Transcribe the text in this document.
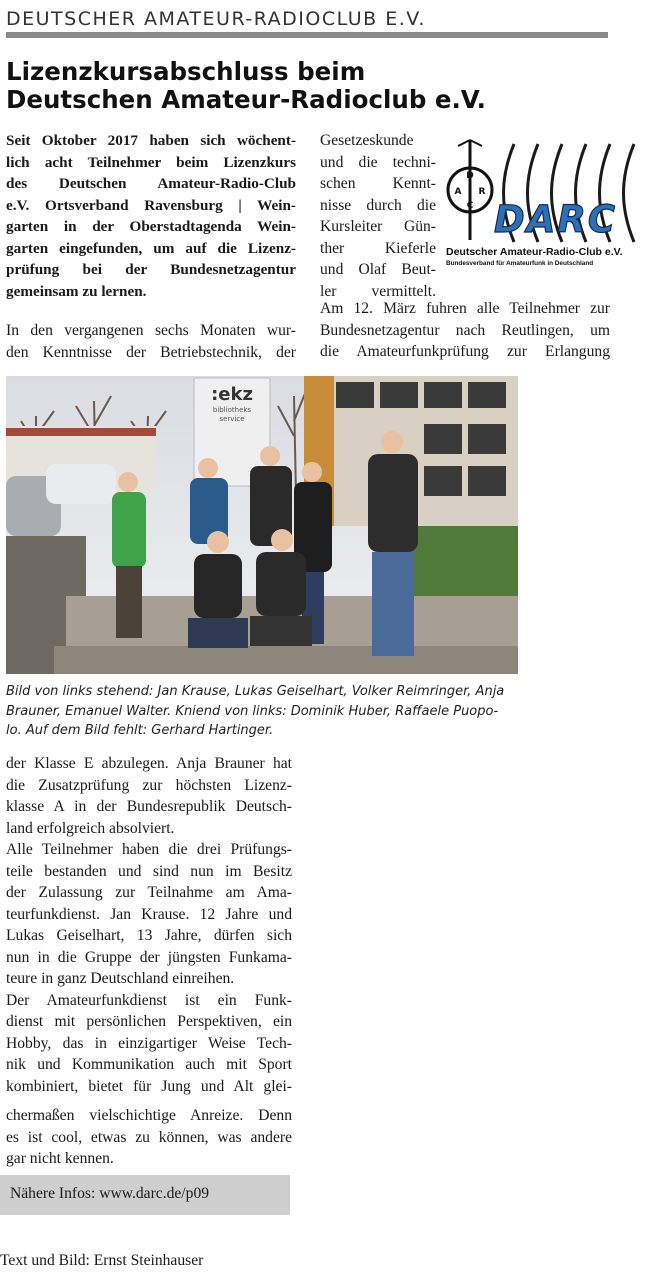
DEUTSCHER AMATEUR-RADIOCLUB E.V.
Lizenzkursabschluss beim
Deutschen Amateur-Radioclub e.V.
Seit Oktober 2017 haben sich wöchent-
lich acht Teilnehmer beim Lizenzkurs
des Deutschen Amateur-Radio-Club
e.V. Ortsverband Ravensburg | Wein-
garten in der Oberstadtagenda Wein-
garten eingefunden, um auf die Lizenz-
prüfung bei der Bundesnetzagentur
gemeinsam zu lernen.
In den vergangenen sechs Monaten wur-
den Kenntnisse der Betriebstechnik, der
Gesetzeskunde
und die techni-
schen Kennt-
nisse durch die
Kursleiter Gün-
ther Kieferle
und Olaf Beut-
ler vermittelt.
Am 12. März fuhren alle Teilnehmer zur
Bundesnetzagentur nach Reutlingen, um
die Amateurfunkprüfung zur Erlangung
D
A R
C DARC
Deutscher Amateur-Radio-Club e.V.
Bundesverband für Amateurfunk in Deutschland
:ekz
bibliotheks
service
Bild von links stehend: Jan Krause, Lukas Geiselhart, Volker Reimringer, Anja
Brauner, Emanuel Walter. Kniend von links: Dominik Huber, Raffaele Puopo-
lo. Auf dem Bild fehlt: Gerhard Hartinger.
der Klasse E abzulegen. Anja Brauner hat
die Zusatzprüfung zur höchsten Lizenz-
klasse A in der Bundesrepublik Deutsch-
land erfolgreich absolviert.
Alle Teilnehmer haben die drei Prüfungs-
teile bestanden und sind nun im Besitz
der Zulassung zur Teilnahme am Ama-
teurfunkdienst. Jan Krause. 12 Jahre und
Lukas Geiselhart, 13 Jahre, dürfen sich
nun in die Gruppe der jüngsten Funkama-
teure in ganz Deutschland einreihen.
Der Amateurfunkdienst ist ein Funk-
dienst mit persönlichen Perspektiven, ein
Hobby, das in einzigartiger Weise Tech-
nik und Kommunikation auch mit Sport
kombiniert, bietet für Jung und Alt glei-
chermaßen vielschichtige Anreize. Denn
es ist cool, etwas zu können, was andere
gar nicht kennen.
Nähere Infos: www.darc.de/p09
Text und Bild: Ernst Steinhauser
